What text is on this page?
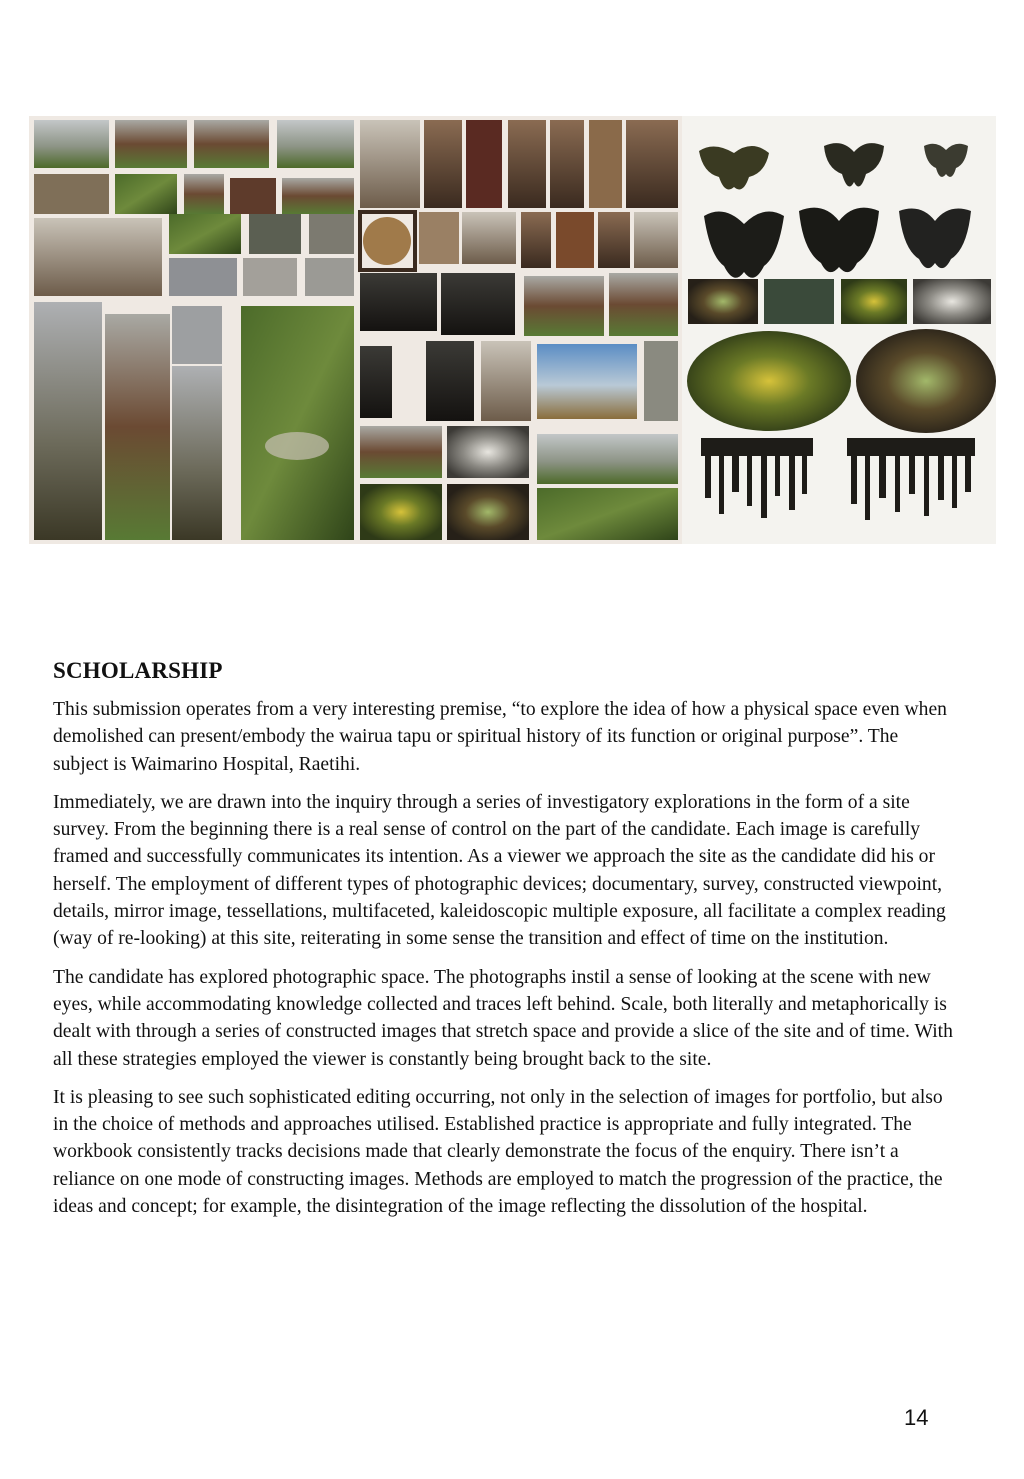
SCHOLARSHIP

This submission operates from a very interesting premise, “to explore the idea of how a physical space even when demolished can present/embody the wairua tapu or spiritual history of its function or original purpose”. The subject is Waimarino Hospital, Raetihi.

Immediately, we are drawn into the inquiry through a series of investigatory explorations in the form of a site survey. From the beginning there is a real sense of control on the part of the candidate. Each image is carefully framed and successfully communicates its intention. As a viewer we approach the site as the candidate did his or herself. The employment of different types of photographic devices; documentary, survey, constructed viewpoint, details, mirror image, tessellations, multifaceted, kaleidoscopic multiple exposure, all facilitate a complex reading (way of re-looking) at this site, reiterating in some sense the transition and effect of time on the institution.

The candidate has explored photographic space. The photographs instil a sense of looking at the scene with new eyes, while accommodating knowledge collected and traces left behind. Scale, both literally and metaphorically is dealt with through a series of constructed images that stretch space and provide a slice of the site and of time. With all these strategies employed the viewer is constantly being brought back to the site.

It is pleasing to see such sophisticated editing occurring, not only in the selection of images for portfolio, but also in the choice of methods and approaches utilised. Established practice is appropriate and fully integrated. The workbook consistently tracks decisions made that clearly demonstrate the focus of the enquiry. There isn’t a reliance on one mode of constructing images. Methods are employed to match the progression of the practice, the ideas and concept; for example, the disintegration of the image reflecting the dissolution of the hospital.

14
